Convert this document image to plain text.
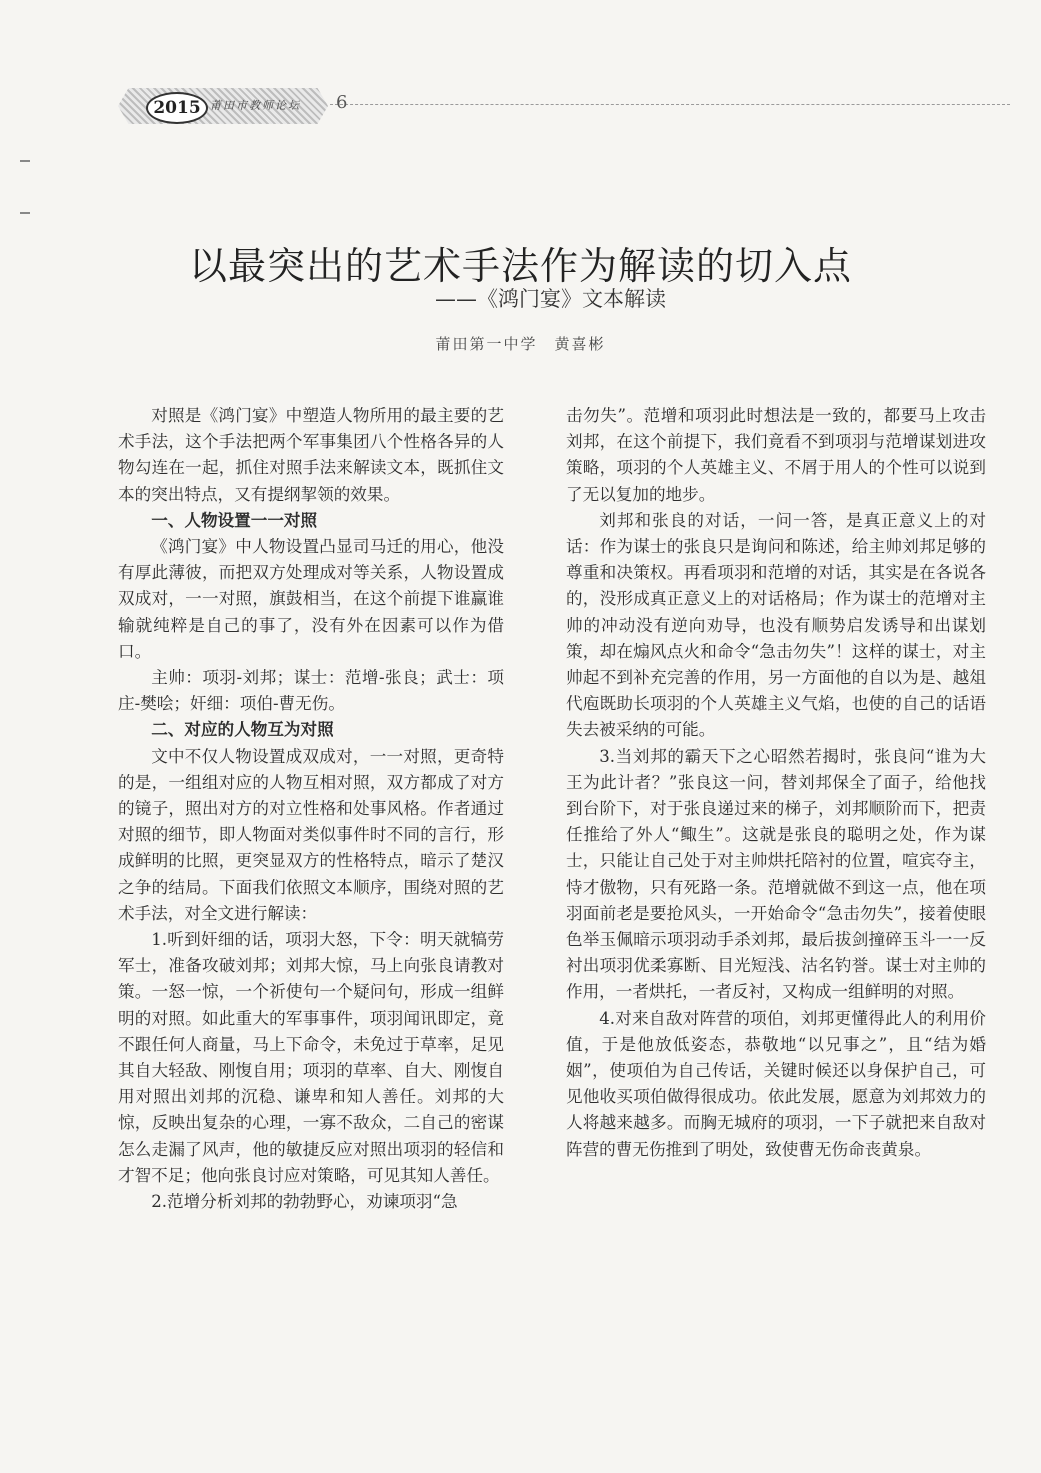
2015 莆田市教师论坛 6
以最突出的艺术手法作为解读的切入点
——《鸿门宴》文本解读
莆田第一中学　黄喜彬

对照是《鸿门宴》中塑造人物所用的最主要的艺术手法，这个手法把两个军事集团八个性格各异的人物勾连在一起，抓住对照手法来解读文本，既抓住文本的突出特点，又有提纲挈领的效果。

一、人物设置一一对照

《鸿门宴》中人物设置凸显司马迁的用心，他没有厚此薄彼，而把双方处理成对等关系，人物设置成双成对，一一对照，旗鼓相当，在这个前提下谁赢谁输就纯粹是自己的事了，没有外在因素可以作为借口。

主帅：项羽-刘邦；谋士：范增-张良；武士：项庄-樊哙；奸细：项伯-曹无伤。

二、对应的人物互为对照

文中不仅人物设置成双成对，一一对照，更奇特的是，一组组对应的人物互相对照，双方都成了对方的镜子，照出对方的对立性格和处事风格。作者通过对照的细节，即人物面对类似事件时不同的言行，形成鲜明的比照，更突显双方的性格特点，暗示了楚汉之争的结局。下面我们依照文本顺序，围绕对照的艺术手法，对全文进行解读：

1.听到奸细的话，项羽大怒，下令：明天就犒劳军士，准备攻破刘邦；刘邦大惊，马上向张良请教对策。一怒一惊，一个祈使句一个疑问句，形成一组鲜明的对照。如此重大的军事事件，项羽闻讯即定，竟不跟任何人商量，马上下命令，未免过于草率，足见其自大轻敌、刚愎自用；项羽的草率、自大、刚愎自用对照出刘邦的沉稳、谦卑和知人善任。刘邦的大惊，反映出复杂的心理，一寡不敌众，二自己的密谋怎么走漏了风声，他的敏捷反应对照出项羽的轻信和才智不足；他向张良讨应对策略，可见其知人善任。

2.范增分析刘邦的勃勃野心，劝谏项羽“急

击勿失”。范增和项羽此时想法是一致的，都要马上攻击刘邦，在这个前提下，我们竟看不到项羽与范增谋划进攻策略，项羽的个人英雄主义、不屑于用人的个性可以说到了无以复加的地步。

刘邦和张良的对话，一问一答，是真正意义上的对话：作为谋士的张良只是询问和陈述，给主帅刘邦足够的尊重和决策权。再看项羽和范增的对话，其实是在各说各的，没形成真正意义上的对话格局；作为谋士的范增对主帅的冲动没有逆向劝导，也没有顺势启发诱导和出谋划策，却在煽风点火和命令“急击勿失”！这样的谋士，对主帅起不到补充完善的作用，另一方面他的自以为是、越俎代庖既助长项羽的个人英雄主义气焰，也使的自己的话语失去被采纳的可能。

3.当刘邦的霸天下之心昭然若揭时，张良问“谁为大王为此计者？”张良这一问，替刘邦保全了面子，给他找到台阶下，对于张良递过来的梯子，刘邦顺阶而下，把责任推给了外人“鲰生”。这就是张良的聪明之处，作为谋士，只能让自己处于对主帅烘托陪衬的位置，喧宾夺主，恃才傲物，只有死路一条。范增就做不到这一点，他在项羽面前老是要抢风头，一开始命令“急击勿失”，接着使眼色举玉佩暗示项羽动手杀刘邦，最后拔剑撞碎玉斗一一反衬出项羽优柔寡断、目光短浅、沽名钓誉。谋士对主帅的作用，一者烘托，一者反衬，又构成一组鲜明的对照。

4.对来自敌对阵营的项伯，刘邦更懂得此人的利用价值，于是他放低姿态，恭敬地“以兄事之”，且“结为婚姻”，使项伯为自己传话，关键时候还以身保护自己，可见他收买项伯做得很成功。依此发展，愿意为刘邦效力的人将越来越多。而胸无城府的项羽，一下子就把来自敌对阵营的曹无伤推到了明处，致使曹无伤命丧黄泉。
